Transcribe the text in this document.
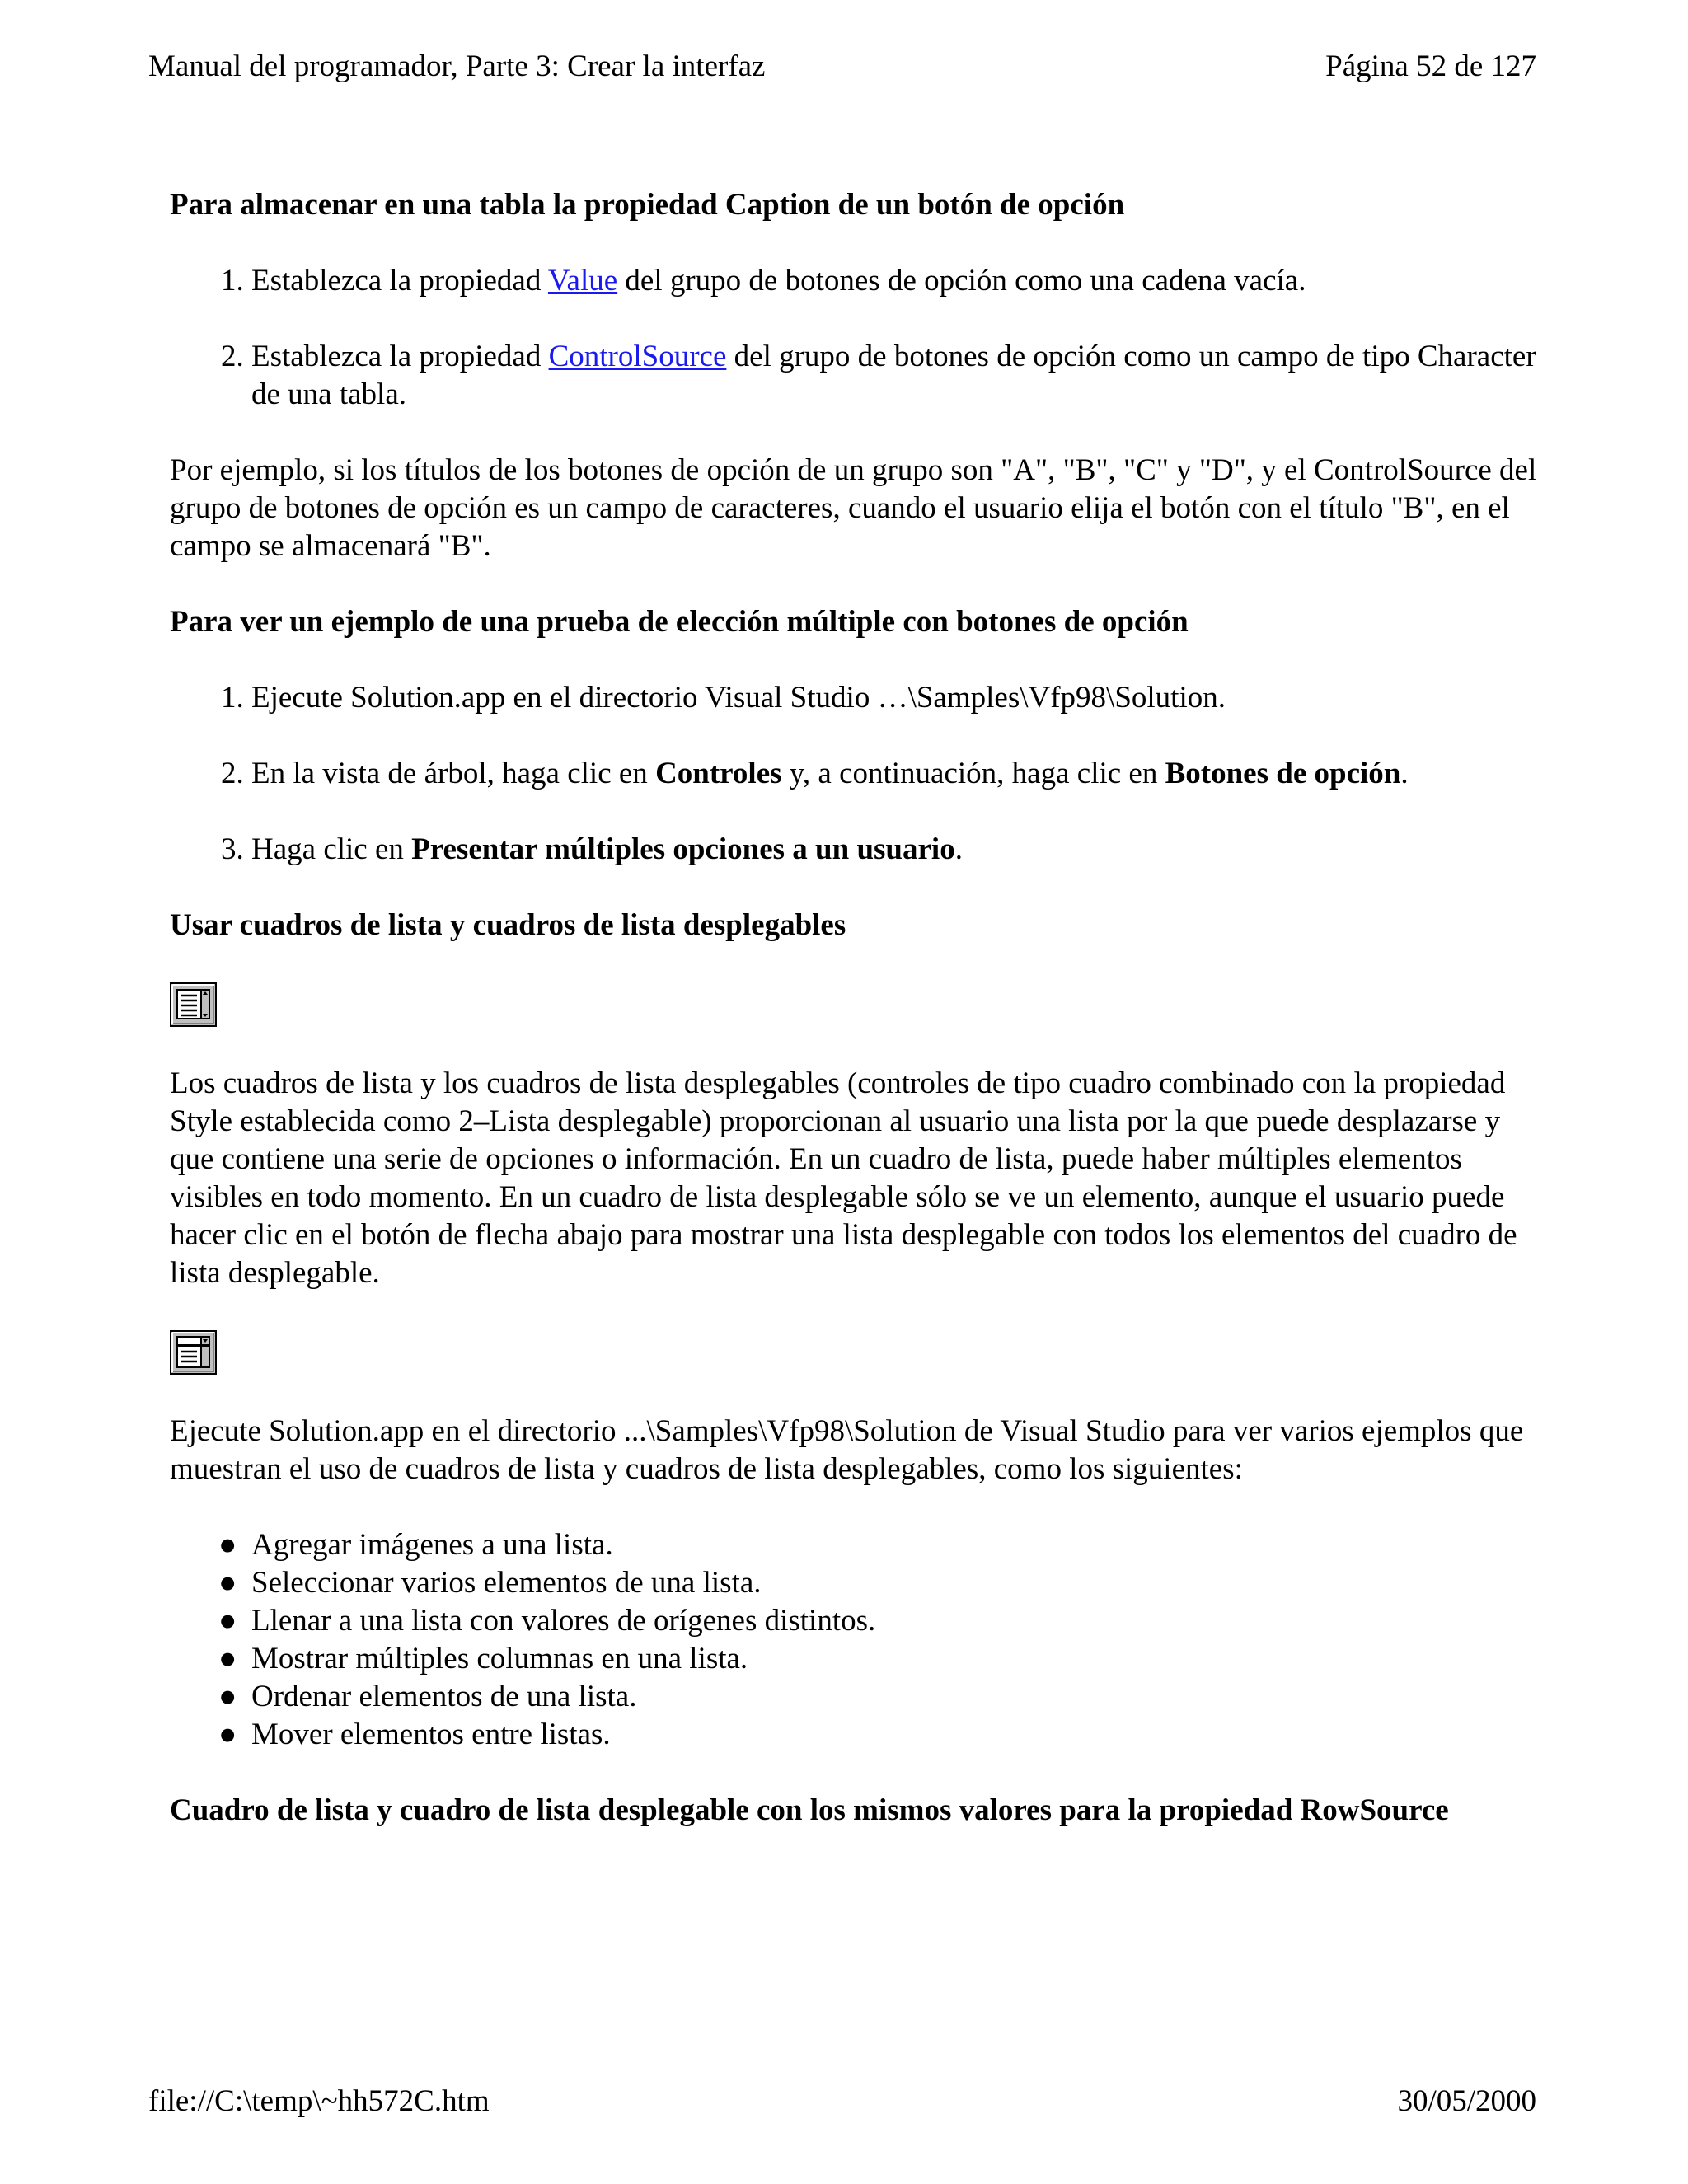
Manual del programador, Parte 3: Crear la interfaz	Página 52 de 127
Para almacenar en una tabla la propiedad Caption de un botón de opción
1. Establezca la propiedad Value del grupo de botones de opción como una cadena vacía.
2. Establezca la propiedad ControlSource del grupo de botones de opción como un campo de tipo Character de una tabla.

Por ejemplo, si los títulos de los botones de opción de un grupo son "A", "B", "C" y "D", y el ControlSource del grupo de botones de opción es un campo de caracteres, cuando el usuario elija el botón con el título "B", en el campo se almacenará "B".

Para ver un ejemplo de una prueba de elección múltiple con botones de opción
1. Ejecute Solution.app en el directorio Visual Studio …\Samples\Vfp98\Solution.
2. En la vista de árbol, haga clic en Controles y, a continuación, haga clic en Botones de opción.
3. Haga clic en Presentar múltiples opciones a un usuario.
Usar cuadros de lista y cuadros de lista desplegables

Los cuadros de lista y los cuadros de lista desplegables (controles de tipo cuadro combinado con la propiedad Style establecida como 2–Lista desplegable) proporcionan al usuario una lista por la que puede desplazarse y que contiene una serie de opciones o información. En un cuadro de lista, puede haber múltiples elementos visibles en todo momento. En un cuadro de lista desplegable sólo se ve un elemento, aunque el usuario puede hacer clic en el botón de flecha abajo para mostrar una lista desplegable con todos los elementos del cuadro de lista desplegable.

Ejecute Solution.app en el directorio ...\Samples\Vfp98\Solution de Visual Studio para ver varios ejemplos que muestran el uso de cuadros de lista y cuadros de lista desplegables, como los siguientes:

● Agregar imágenes a una lista.
● Seleccionar varios elementos de una lista.
● Llenar a una lista con valores de orígenes distintos.
● Mostrar múltiples columnas en una lista.
● Ordenar elementos de una lista.
● Mover elementos entre listas.
Cuadro de lista y cuadro de lista desplegable con los mismos valores para la propiedad RowSource
file://C:\temp\~hh572C.htm	30/05/2000
